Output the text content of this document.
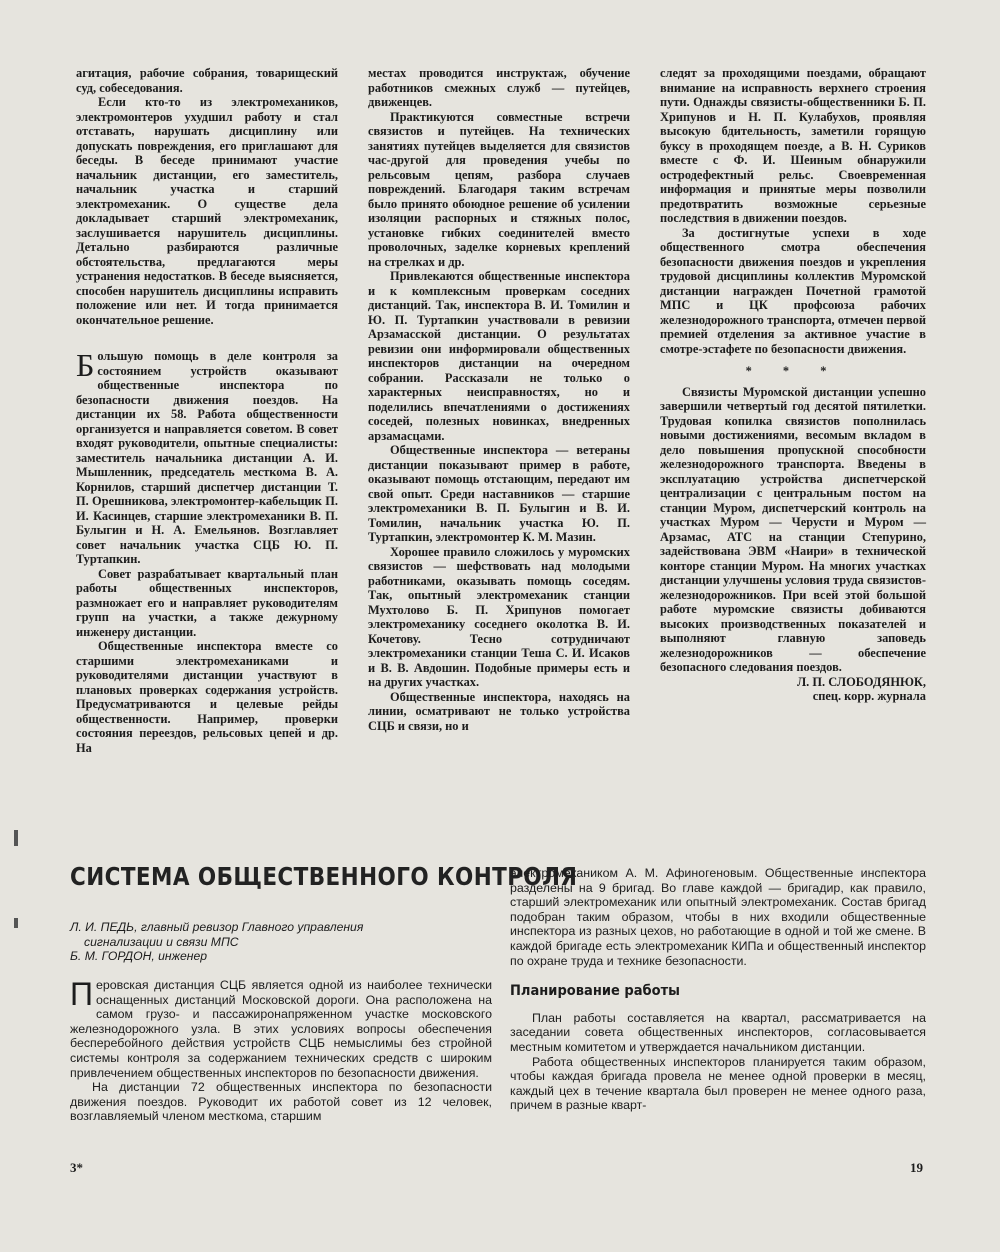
агитация, рабочие собрания, товарищеский суд, собеседования.

Если кто-то из электромехаников, электромонтеров ухудшил работу и стал отставать, нарушать дисциплину или допускать повреждения, его приглашают для беседы. В беседе принимают участие начальник дистанции, его заместитель, начальник участка и старший электромеханик. О существе дела докладывает старший электромеханик, заслушивается нарушитель дисциплины. Детально разбираются различные обстоятельства, предлагаются меры устранения недостатков. В беседе выясняется, способен нарушитель дисциплины исправить положение или нет. И тогда принимается окончательное решение.

Большую помощь в деле контроля за состоянием устройств оказывают общественные инспектора по безопасности движения поездов. На дистанции их 58. Работа общественности организуется и направляется советом. В совет входят руководители, опытные специалисты: заместитель начальника дистанции А. И. Мышленник, председатель месткома В. А. Корнилов, старший диспетчер дистанции Т. П. Орешникова, электромонтер-кабельщик П. И. Касинцев, старшие электромеханики В. П. Булыгин и Н. А. Емельянов. Возглавляет совет начальник участка СЦБ Ю. П. Туртапкин.

Совет разрабатывает квартальный план работы общественных инспекторов, размножает его и направляет руководителям групп на участки, а также дежурному инженеру дистанции.

Общественные инспектора вместе со старшими электромеханиками и руководителями дистанции участвуют в плановых проверках содержания устройств. Предусматриваются и целевые рейды общественности. Например, проверки состояния переездов, рельсовых цепей и др. На

местах проводится инструктаж, обучение работников смежных служб — путейцев, движенцев.

Практикуются совместные встречи связистов и путейцев. На технических занятиях путейцев выделяется для связистов час-другой для проведения учебы по рельсовым цепям, разбора случаев повреждений. Благодаря таким встречам было принято обоюдное решение об усилении изоляции распорных и стяжных полос, установке гибких соединителей вместо проволочных, заделке корневых креплений на стрелках и др.

Привлекаются общественные инспектора и к комплексным проверкам соседних дистанций. Так, инспектора В. И. Томилин и Ю. П. Туртапкин участвовали в ревизии Арзамасской дистанции. О результатах ревизии они информировали общественных инспекторов дистанции на очередном собрании. Рассказали не только о характерных неисправностях, но и поделились впечатлениями о достижениях соседей, полезных новинках, внедренных арзамасцами.

Общественные инспектора — ветераны дистанции показывают пример в работе, оказывают помощь отстающим, передают им свой опыт. Среди наставников — старшие электромеханики В. П. Булыгин и В. И. Томилин, начальник участка Ю. П. Туртапкин, электромонтер К. М. Мазин.

Хорошее правило сложилось у муромских связистов — шефствовать над молодыми работниками, оказывать помощь соседям. Так, опытный электромеханик станции Мухтолово Б. П. Хрипунов помогает электромеханику соседнего околотка В. И. Кочетову. Тесно сотрудничают электромеханики станции Теша С. И. Исаков и В. В. Авдошин. Подобные примеры есть и на других участках.

Общественные инспектора, находясь на линии, осматривают не только устройства СЦБ и связи, но и

следят за проходящими поездами, обращают внимание на исправность верхнего строения пути. Однажды связисты-общественники Б. П. Хрипунов и Н. П. Кулабухов, проявляя высокую бдительность, заметили горящую буксу в проходящем поезде, а В. Н. Суриков вместе с Ф. И. Шеиным обнаружили остродефектный рельс. Своевременная информация и принятые меры позволили предотвратить возможные серьезные последствия в движении поездов.

За достигнутые успехи в ходе общественного смотра обеспечения безопасности движения поездов и укрепления трудовой дисциплины коллектив Муромской дистанции награжден Почетной грамотой МПС и ЦК профсоюза рабочих железнодорожного транспорта, отмечен первой премией отделения за активное участие в смотре-эстафете по безопасности движения.

* * *

Связисты Муромской дистанции успешно завершили четвертый год десятой пятилетки. Трудовая копилка связистов пополнилась новыми достижениями, весомым вкладом в дело повышения пропускной способности железнодорожного транспорта. Введены в эксплуатацию устройства диспетчерской централизации с центральным постом на станции Муром, диспетчерский контроль на участках Муром — Черусти и Муром — Арзамас, АТС на станции Степурино, задействована ЭВМ «Наири» в технической конторе станции Муром. На многих участках дистанции улучшены условия труда связистов-железнодорожников. При всей этой большой работе муромские связисты добиваются высоких производственных показателей и выполняют главную заповедь железнодорожников — обеспечение безопасного следования поездов.

Л. П. СЛОБОДЯНЮК,

спец. корр. журнала

СИСТЕМА ОБЩЕСТВЕННОГО КОНТРОЛЯ
Л. И. ПЕДЬ, главный ревизор Главного управления
сигнализации и связи МПС
Б. М. ГОРДОН, инженер

Перовская дистанция СЦБ является одной из наиболее технически оснащенных дистанций Московской дороги. Она расположена на самом грузо- и пассажиронапряженном участке московского железнодорожного узла. В этих условиях вопросы обеспечения бесперебойного действия устройств СЦБ немыслимы без стройной системы контроля за содержанием технических средств с широким привлечением общественных инспекторов по безопасности движения.

На дистанции 72 общественных инспектора по безопасности движения поездов. Руководит их работой совет из 12 человек, возглавляемый членом месткома, старшим

электромехаником А. М. Афиногеновым. Общественные инспектора разделены на 9 бригад. Во главе каждой — бригадир, как правило, старший электромеханик или опытный электромеханик. Состав бригад подобран таким образом, чтобы в них входили общественные инспектора из разных цехов, но работающие в одной и той же смене. В каждой бригаде есть электромеханик КИПа и общественный инспектор по охране труда и технике безопасности.

Планирование работы

План работы составляется на квартал, рассматривается на заседании совета общественных инспекторов, согласовывается местным комитетом и утверждается начальником дистанции.

Работа общественных инспекторов планируется таким образом, чтобы каждая бригада провела не менее одной проверки в месяц, каждый цех в течение квартала был проверен не менее одного раза, причем в разные кварт-

3*	19
